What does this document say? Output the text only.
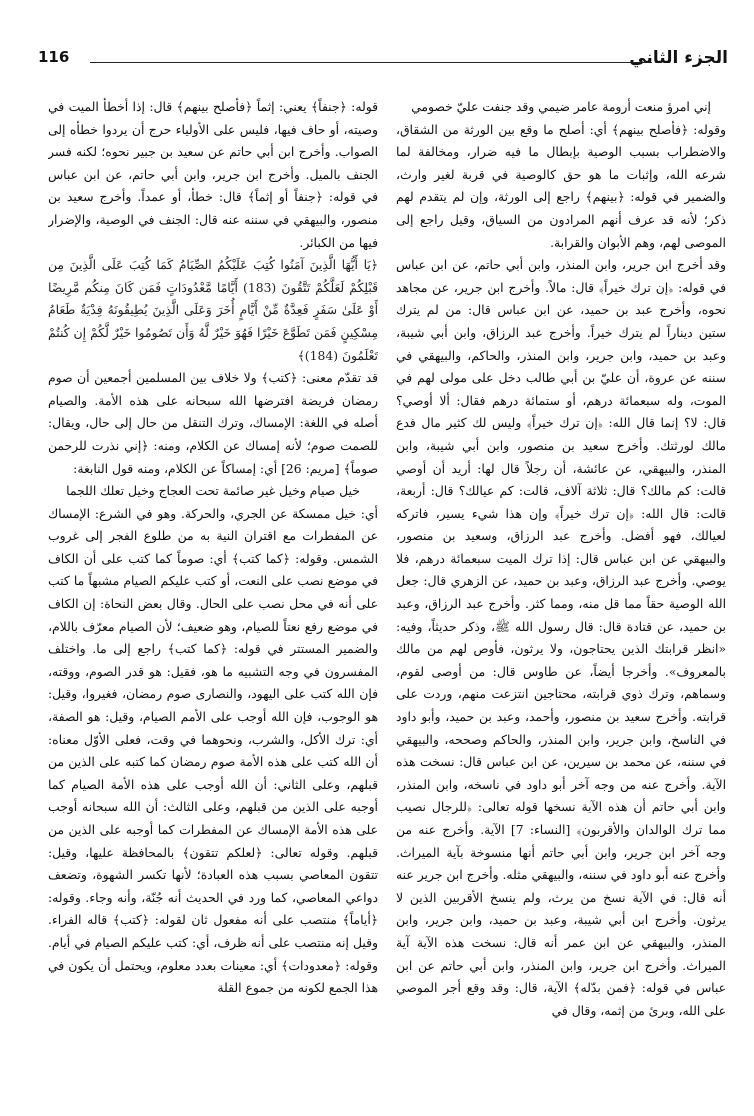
الجزء الثاني
116

إني امرؤ منعت أرومة عامر ضيمي وقد جنفت عليّ خصومي

وقوله: ﴿فأصلح بينهم﴾ أي: أصلح ما وقع بين الورثة من الشقاق، والاضطراب بسبب الوصية بإبطال ما فيه ضرار، ومخالفة لما شرعه الله، وإثبات ما هو حق كالوصية في قربة لغير وارث، والضمير في قوله: ﴿بينهم﴾ راجع إلى الورثة، وإن لم يتقدم لهم ذكر؛ لأنه قد عرف أنهم المرادون من السياق، وقيل راجع إلى الموصى لهم، وهم الأبوان والقرابة.

وقد أخرج ابن جرير، وابن المنذر، وابن أبي حاتم، عن ابن عباس في قوله: ﴿إن ترك خيراً﴾ قال: مالاً. وأخرج ابن جرير، عن مجاهد نحوه، وأخرج عبد بن حميد، عن ابن عباس قال: من لم يترك ستين ديناراً لم يترك خيراً. وأخرج عبد الرزاق، وابن أبي شيبة، وعبد بن حميد، وابن جرير، وابن المنذر، والحاكم، والبيهقي في سننه عن عروة، أن عليّ بن أبي طالب دخل على مولى لهم في الموت، وله سبعمائة درهم، أو ستمائة درهم فقال: ألا أوصي؟ قال: لا؟ إنما قال الله: ﴿إن ترك خيراً﴾ وليس لك كثير مال فدع مالك لورثتك. وأخرج سعيد بن منصور، وابن أبي شيبة، وابن المنذر، والبيهقي، عن عائشة، أن رجلاً قال لها: أريد أن أوصي قالت: كم مالك؟ قال: ثلاثة آلاف، قالت: كم عيالك؟ قال: أربعة، قالت: قال الله: ﴿إن ترك خيراً﴾ وإن هذا شيء يسير، فاتركه لعيالك، فهو أفضل. وأخرج عبد الرزاق، وسعيد بن منصور، والبيهقي عن ابن عباس قال: إذا ترك الميت سبعمائة درهم، فلا يوصي. وأخرج عبد الرزاق، وعبد بن حميد، عن الزهري قال: جعل الله الوصية حقاً مما قل منه، ومما كثر. وأخرج عبد الرزاق، وعبد بن حميد، عن قتادة قال: قال رسول الله ﷺ، وذكر حديثاً، وفيه: «انظر قرابتك الذين يحتاجون، ولا يرثون، فأوص لهم من مالك بالمعروف». وأخرجا أيضاً، عن طاوس قال: من أوصى لقوم، وسماهم، وترك ذوي قرابته، محتاجين انتزعت منهم، وردت على قرابته. وأخرج سعيد بن منصور، وأحمد، وعبد بن حميد، وأبو داود في الناسخ، وابن جرير، وابن المنذر، والحاكم وصححه، والبيهقي في سننه، عن محمد بن سيرين، عن ابن عباس قال: نسخت هذه الآية. وأخرج عنه من وجه آخر أبو داود في ناسخه، وابن المنذر، وابن أبي حاتم أن هذه الآية نسخها قوله تعالى: ﴿للرجال نصيب مما ترك الوالدان والأقربون﴾ [النساء: 7] الآية. وأخرج عنه من وجه آخر ابن جرير، وابن أبي حاتم أنها منسوخة بآية الميراث. وأخرج عنه أبو داود في سننه، والبيهقي مثله. وأخرج ابن جرير عنه أنه قال: في الآية نسخ من يرث، ولم ينسخ الأقربين الذين لا يرثون. وأخرج ابن أبي شيبة، وعبد بن حميد، وابن جرير، وابن المنذر، والبيهقي عن ابن عمر أنه قال: نسخت هذه الآية آية الميراث. وأخرج ابن جرير، وابن المنذر، وابن أبي حاتم عن ابن عباس في قوله: ﴿فمن بدّله﴾ الآية، قال: وقد وقع أجر الموصي على الله، وبرئ من إثمه، وقال في

قوله: ﴿جنفاً﴾ يعني: إثماً ﴿فأصلح بينهم﴾ قال: إذا أخطأ الميت في وصيته، أو حاف فيها، فليس على الأولياء حرج أن يردوا خطأه إلى الصواب. وأخرج ابن أبي حاتم عن سعيد بن جبير نحوه؛ لكنه فسر الجنف بالميل. وأخرج ابن جرير، وابن أبي حاتم، عن ابن عباس في قوله: ﴿جنفاً أو إثماً﴾ قال: خطأ، أو عمداً. وأخرج سعيد بن منصور، والبيهقي في سننه عنه قال: الجنف في الوصية، والإضرار فيها من الكبائر.

﴿يَا أَيُّهَا الَّذِينَ آمَنُوا كُتِبَ عَلَيْكُمُ الصِّيَامُ كَمَا كُتِبَ عَلَى الَّذِينَ مِن قَبْلِكُمْ لَعَلَّكُمْ تَتَّقُونَ (183) أَيَّامًا مَّعْدُودَاتٍ فَمَن كَانَ مِنكُم مَّرِيضًا أَوْ عَلَىٰ سَفَرٍ فَعِدَّةٌ مِّنْ أَيَّامٍ أُخَرَ وَعَلَى الَّذِينَ يُطِيقُونَهُ فِدْيَةٌ طَعَامُ مِسْكِينٍ فَمَن تَطَوَّعَ خَيْرًا فَهُوَ خَيْرٌ لَّهُ وَأَن تَصُومُوا خَيْرٌ لَّكُمْ إِن كُنتُمْ تَعْلَمُونَ (184)﴾

قد تقدّم معنى: ﴿كتب﴾ ولا خلاف بين المسلمين أجمعين أن صوم رمضان فريضة افترضها الله سبحانه على هذه الأمة. والصيام أصله في اللغة: الإمساك، وترك التنقل من حال إلى حال، ويقال: للصمت صوم؛ لأنه إمساك عن الكلام، ومنه: ﴿إني نذرت للرحمن صوماً﴾ [مريم: 26] أي: إمساكاً عن الكلام، ومنه قول النابغة:

خيل صيام وخيل غير صائمة تحت العجاج وخيل تعلك اللجما

أي: خيل ممسكة عن الجري، والحركة. وهو في الشرع: الإمساك عن المفطرات مع اقتران النية به من طلوع الفجر إلى غروب الشمس. وقوله: ﴿كما كتب﴾ أي: صوماً كما كتب على أن الكاف في موضع نصب على النعت، أو كتب عليكم الصيام مشبهاً ما كتب على أنه في محل نصب على الحال. وقال بعض النحاة: إن الكاف في موضع رفع نعتاً للصيام، وهو ضعيف؛ لأن الصيام معرّف باللام، والضمير المستتر في قوله: ﴿كما كتب﴾ راجع إلى ما. واختلف المفسرون في وجه التشبيه ما هو، فقيل: هو قدر الصوم، ووقته، فإن الله كتب على اليهود، والنصارى صوم رمضان، فغيروا، وقيل: هو الوجوب، فإن الله أوجب على الأمم الصيام، وقيل: هو الصفة، أي: ترك الأكل، والشرب، ونحوهما في وقت، فعلى الأوّل معناه: أن الله كتب على هذه الأمة صوم رمضان كما كتبه على الذين من قبلهم، وعلى الثاني: أن الله أوجب على هذه الأمة الصيام كما أوجبه على الذين من قبلهم، وعلى الثالث: أن الله سبحانه أوجب على هذه الأمة الإمساك عن المفطرات كما أوجبه على الذين من قبلهم. وقوله تعالى: ﴿لعلكم تتقون﴾ بالمحافظة عليها، وقيل: تتقون المعاصي بسبب هذه العبادة؛ لأنها تكسر الشهوة، وتضعف دواعي المعاصي، كما ورد في الحديث أنه جُنّة، وأنه وجاء. وقوله: ﴿أياماً﴾ منتصب على أنه مفعول ثان لقوله: ﴿كتب﴾ قاله الفراء. وقيل إنه منتصب على أنه ظرف، أي: كتب عليكم الصيام في أيام. وقوله: ﴿معدودات﴾ أي: معينات بعدد معلوم، ويحتمل أن يكون في هذا الجمع لكونه من جموع القلة
